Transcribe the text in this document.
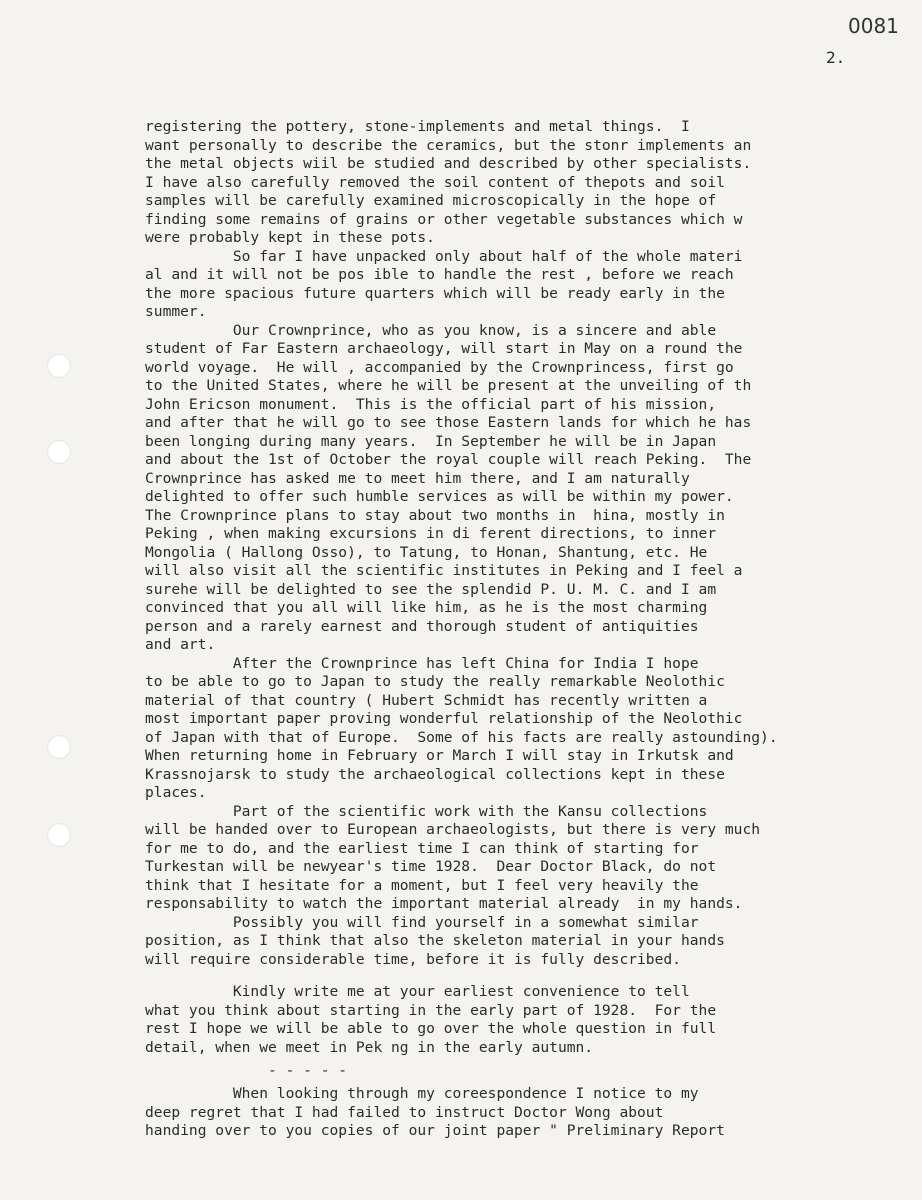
0081
2.
registering the pottery, stone-implements and metal things.  I
want personally to describe the ceramics, but the stonr implements an
the metal objects wiil be studied and described by other specialists.
I have also carefully removed the soil content of thepots and soil
samples will be carefully examined microscopically in the hope of
finding some remains of grains or other vegetable substances which w
were probably kept in these pots.
So far I have unpacked only about half of the whole materi
al and it will not be pos ible to handle the rest , before we reach
the more spacious future quarters which will be ready early in the
summer.
Our Crownprince, who as you know, is a sincere and able
student of Far Eastern archaeology, will start in May on a round the
world voyage.  He will , accompanied by the Crownprincess, first go
to the United States, where he will be present at the unveiling of th
John Ericson monument.  This is the official part of his mission,
and after that he will go to see those Eastern lands for which he has
been longing during many years.  In September he will be in Japan
and about the 1st of October the royal couple will reach Peking.  The
Crownprince has asked me to meet him there, and I am naturally
delighted to offer such humble services as will be within my power.
The Crownprince plans to stay about two months in  hina, mostly in
Peking , when making excursions in di ferent directions, to inner
Mongolia ( Hallong Osso), to Tatung, to Honan, Shantung, etc. He
will also visit all the scientific institutes in Peking and I feel a
surehe will be delighted to see the splendid P. U. M. C. and I am
convinced that you all will like him, as he is the most charming
person and a rarely earnest and thorough student of antiquities
and art.
After the Crownprince has left China for India I hope
to be able to go to Japan to study the really remarkable Neolothic
material of that country ( Hubert Schmidt has recently written a
most important paper proving wonderful relationship of the Neolothic
of Japan with that of Europe.  Some of his facts are really astounding).
When returning home in February or March I will stay in Irkutsk and
Krassnojarsk to study the archaeological collections kept in these
places.
Part of the scientific work with the Kansu collections
will be handed over to European archaeologists, but there is very much
for me to do, and the earliest time I can think of starting for
Turkestan will be newyear's time 1928.  Dear Doctor Black, do not
think that I hesitate for a moment, but I feel very heavily the
responsability to watch the important material already  in my hands.
Possibly you will find yourself in a somewhat similar
position, as I think that also the skeleton material in your hands
will require considerable time, before it is fully described.
Kindly write me at your earliest convenience to tell
what you think about starting in the early part of 1928.  For the
rest I hope we will be able to go over the whole question in full
detail, when we meet in Pek ng in the early autumn.
- - - - -
When looking through my coreespondence I notice to my
deep regret that I had failed to instruct Doctor Wong about
handing over to you copies of our joint paper " Preliminary Report
